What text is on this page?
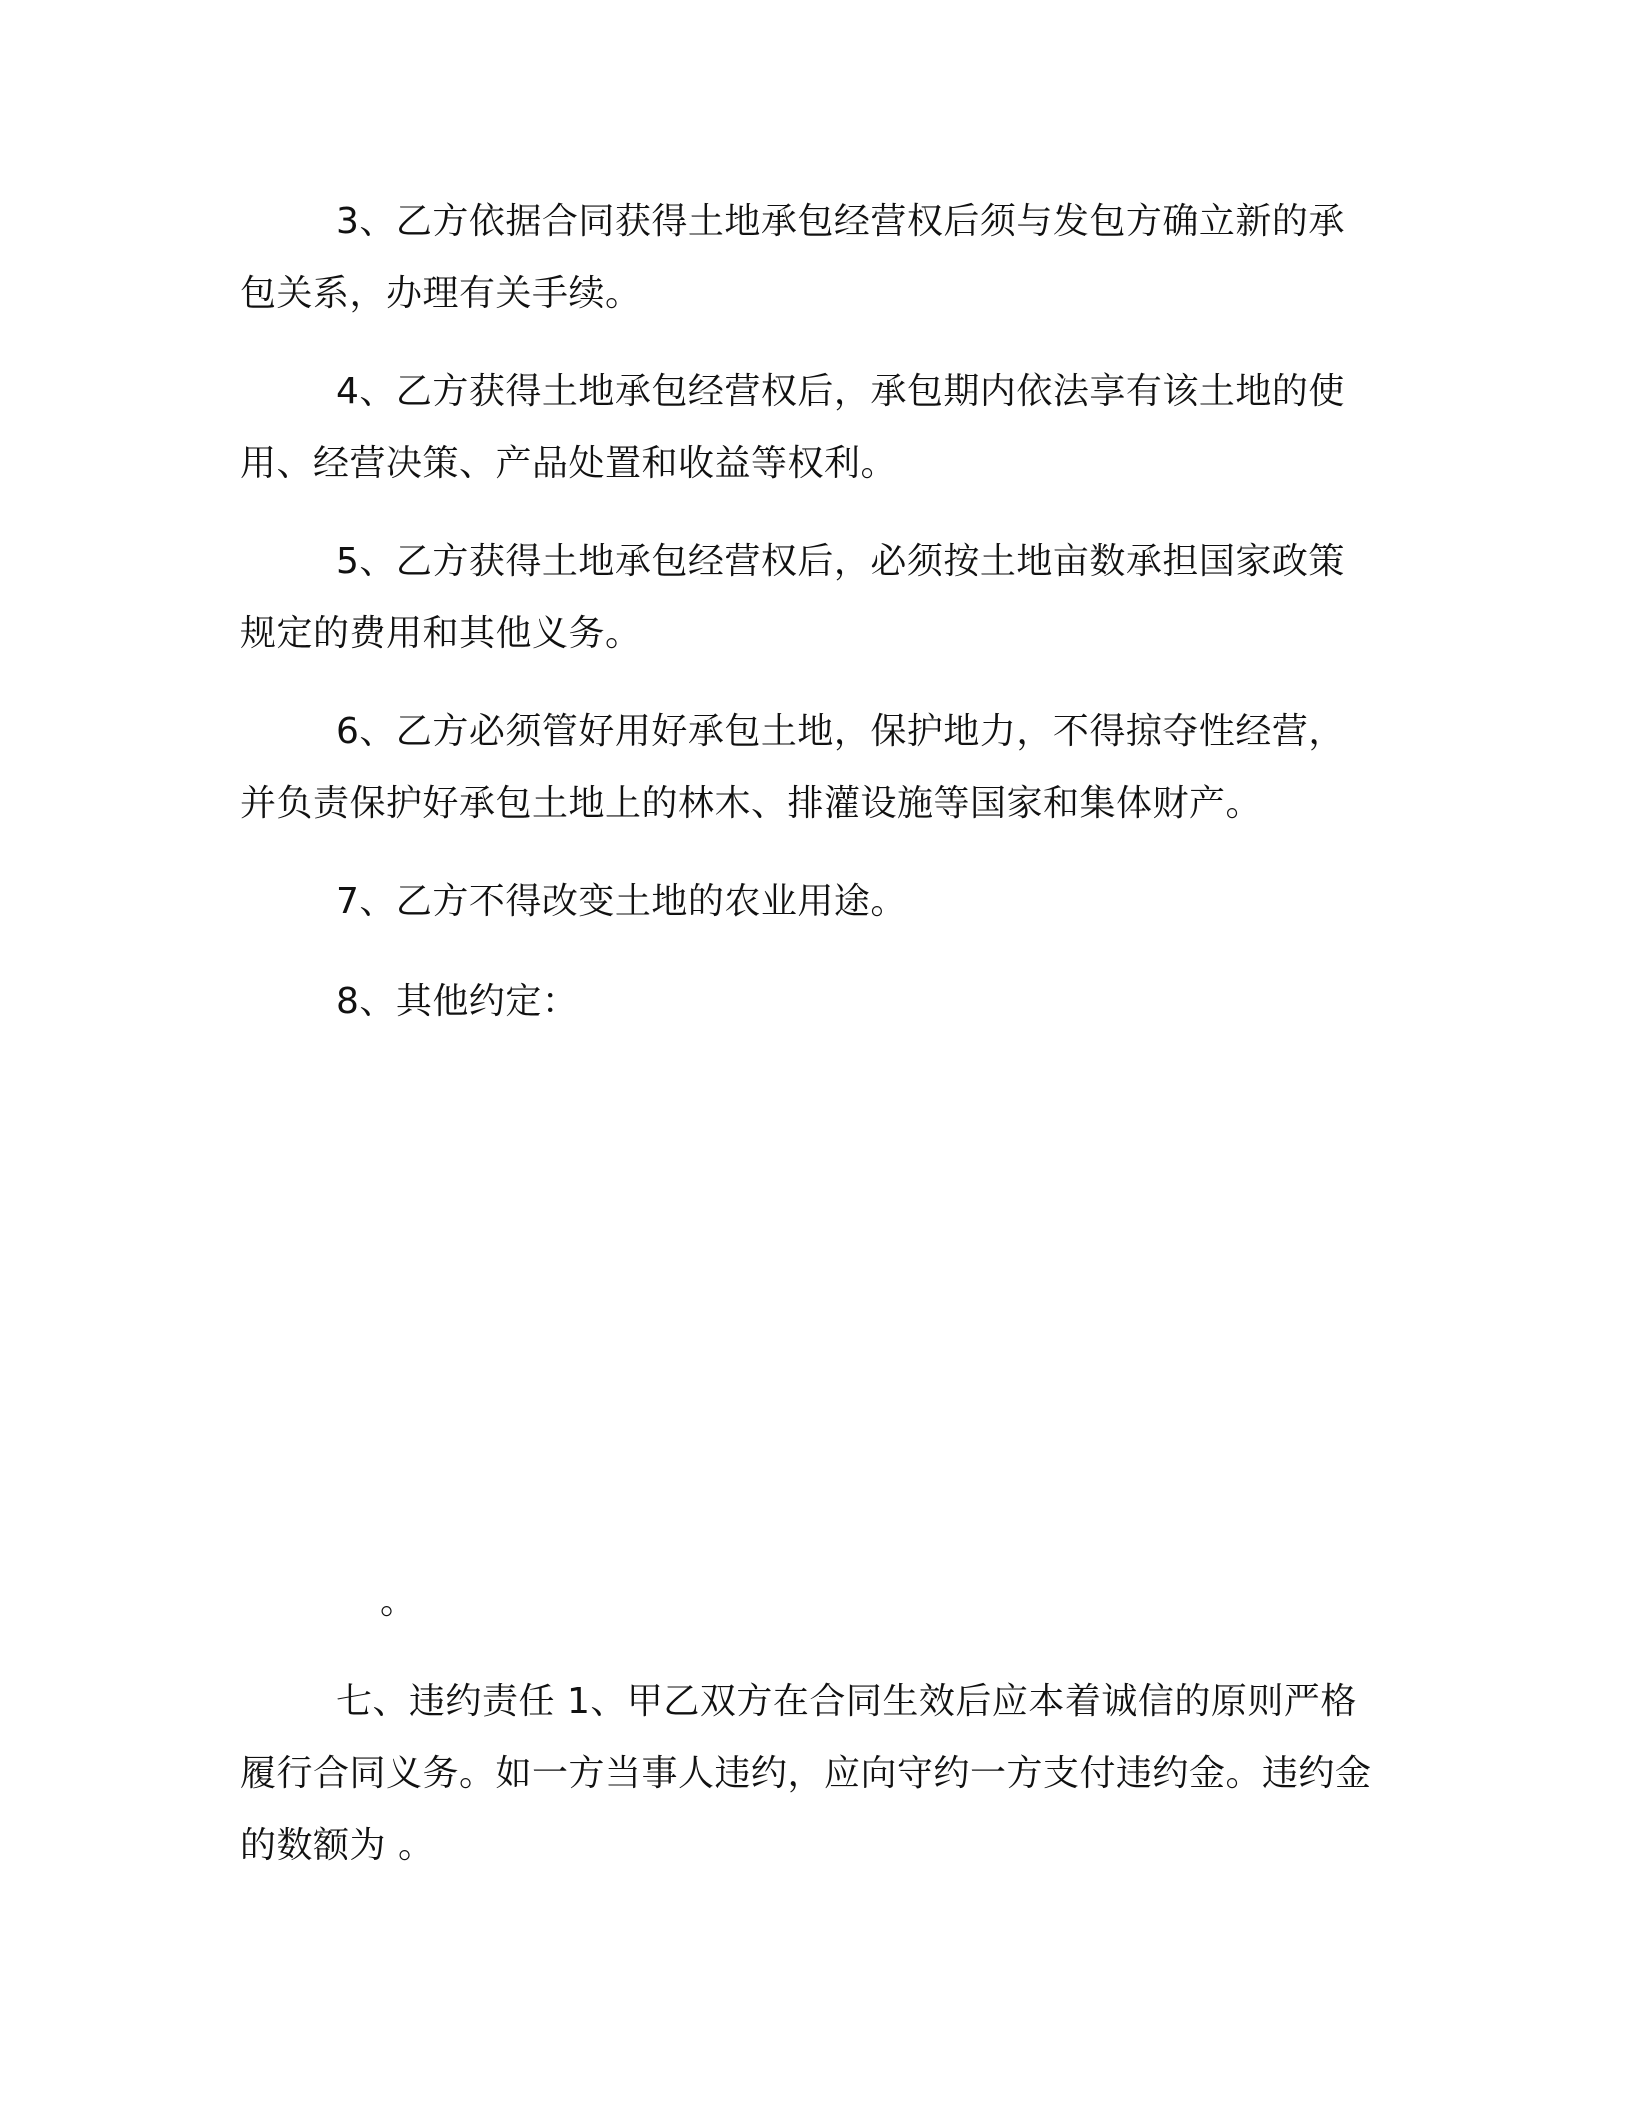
3、乙方依据合同获得土地承包经营权后须与发包方确立新的承包关系，办理有关手续。

4、乙方获得土地承包经营权后，承包期内依法享有该土地的使用、经营决策、产品处置和收益等权利。

5、乙方获得土地承包经营权后，必须按土地亩数承担国家政策规定的费用和其他义务。

6、乙方必须管好用好承包土地，保护地力，不得掠夺性经营，并负责保护好承包土地上的林木、排灌设施等国家和集体财产。

7、乙方不得改变土地的农业用途。

8、其他约定：

。

七、违约责任 1、甲乙双方在合同生效后应本着诚信的原则严格履行合同义务。如一方当事人违约，应向守约一方支付违约金。违约金的数额为 。
